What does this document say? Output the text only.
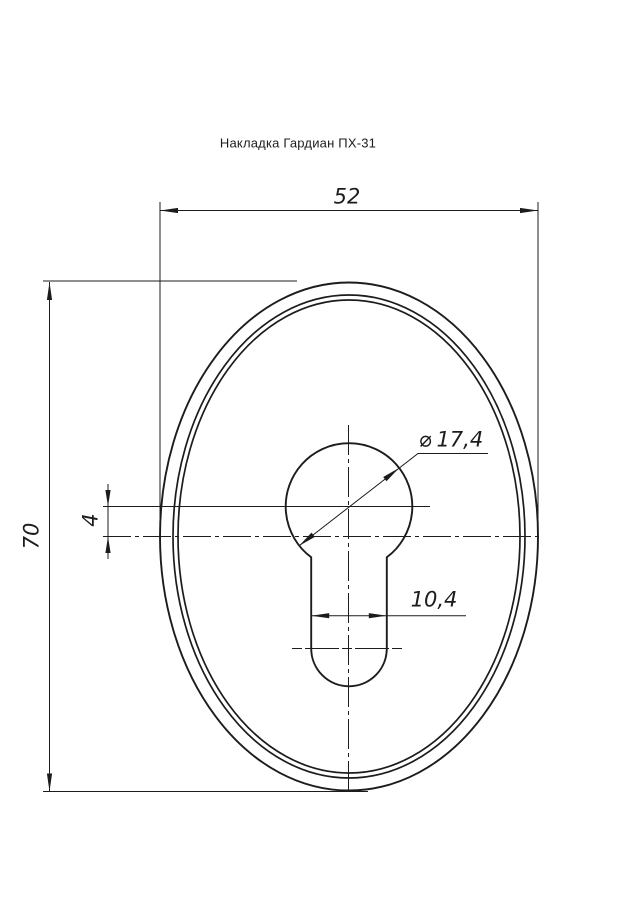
Накладка Гардиан ПХ-31
52
70
4
10,4
⌀ 17,4
